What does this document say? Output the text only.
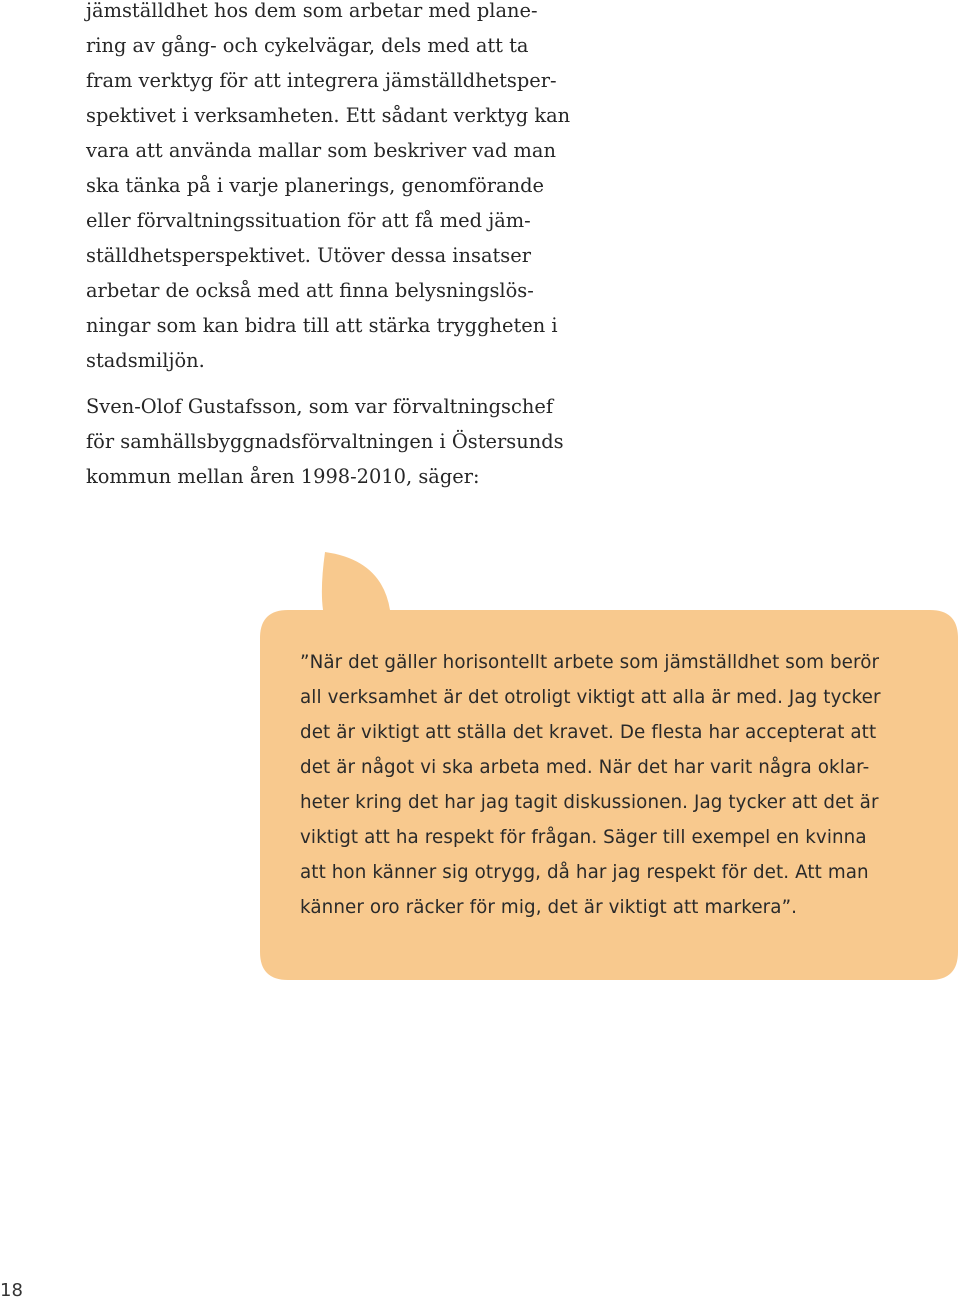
jämställdhet hos dem som arbetar med plane-
ring av gång- och cykelvägar, dels med att ta
fram verktyg för att integrera jämställdhetsper-
spektivet i verksamheten. Ett sådant verktyg kan
vara att använda mallar som beskriver vad man
ska tänka på i varje planerings, genomförande
eller förvaltningssituation för att få med jäm-
ställdhetsperspektivet. Utöver dessa insatser
arbetar de också med att finna belysningslös-
ningar som kan bidra till att stärka tryggheten i
stadsmiljön.
Sven-Olof Gustafsson, som var förvaltningschef
för samhällsbyggnadsförvaltningen i Östersunds
kommun mellan åren 1998-2010, säger:
”När det gäller horisontellt arbete som jämställdhet som berör
all verksamhet är det otroligt viktigt att alla är med. Jag tycker
det är viktigt att ställa det kravet. De flesta har accepterat att
det är något vi ska arbeta med. När det har varit några oklar-
heter kring det har jag tagit diskussionen. Jag tycker att det är
viktigt att ha respekt för frågan. Säger till exempel en kvinna
att hon känner sig otrygg, då har jag respekt för det. Att man
känner oro räcker för mig, det är viktigt att markera”.
18
